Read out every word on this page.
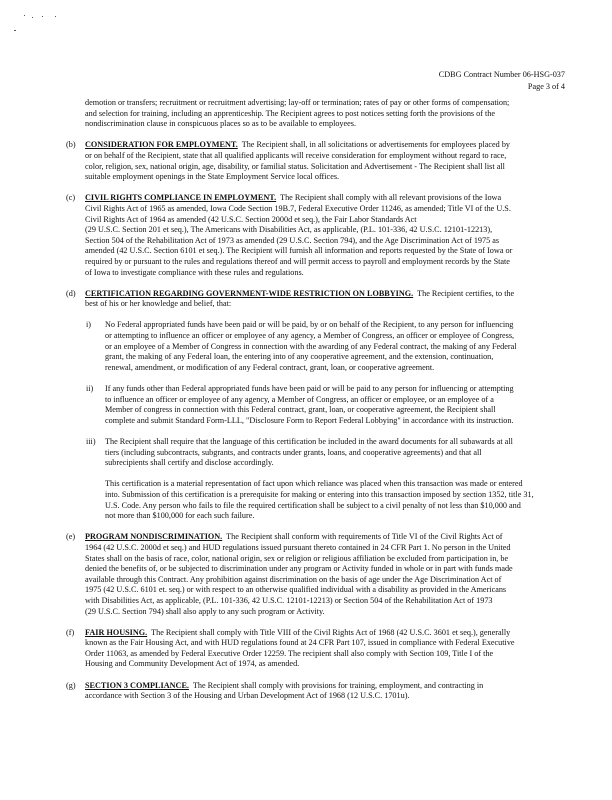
CDBG Contract Number 06-HSG-037
Page 3 of 4
demotion or transfers; recruitment or recruitment advertising; lay-off or termination; rates of pay or other forms of compensation;
and selection for training, including an apprenticeship. The Recipient agrees to post notices setting forth the provisions of the
nondiscrimination clause in conspicuous places so as to be available to employees.
(b) CONSIDERATION FOR EMPLOYMENT.  The Recipient shall, in all solicitations or advertisements for employees placed by
or on behalf of the Recipient, state that all qualified applicants will receive consideration for employment without regard to race,
color, religion, sex, national origin, age, disability, or familial status. Solicitation and Advertisement - The Recipient shall list all
suitable employment openings in the State Employment Service local offices.
(c) CIVIL RIGHTS COMPLIANCE IN EMPLOYMENT.  The Recipient shall comply with all relevant provisions of the Iowa
Civil Rights Act of 1965 as amended, Iowa Code Section 19B.7, Federal Executive Order 11246, as amended; Title VI of the U.S.
Civil Rights Act of 1964 as amended (42 U.S.C. Section 2000d et seq.), the Fair Labor Standards Act
(29 U.S.C. Section 201 et seq.), The Americans with Disabilities Act, as applicable, (P.L. 101-336, 42 U.S.C. 12101-12213),
Section 504 of the Rehabilitation Act of 1973 as amended (29 U.S.C. Section 794), and the Age Discrimination Act of 1975 as
amended (42 U.S.C. Section 6101 et seq.). The Recipient will furnish all information and reports requested by the State of Iowa or
required by or pursuant to the rules and regulations thereof and will permit access to payroll and employment records by the State
of Iowa to investigate compliance with these rules and regulations.
(d) CERTIFICATION REGARDING GOVERNMENT-WIDE RESTRICTION ON LOBBYING.  The Recipient certifies, to the
best of his or her knowledge and belief, that:
i) No Federal appropriated funds have been paid or will be paid, by or on behalf of the Recipient, to any person for influencing
or attempting to influence an officer or employee of any agency, a Member of Congress, an officer or employee of Congress,
or an employee of a Member of Congress in connection with the awarding of any Federal contract, the making of any Federal
grant, the making of any Federal loan, the entering into of any cooperative agreement, and the extension, continuation,
renewal, amendment, or modification of any Federal contract, grant, loan, or cooperative agreement.
ii) If any funds other than Federal appropriated funds have been paid or will be paid to any person for influencing or attempting
to influence an officer or employee of any agency, a Member of Congress, an officer or employee, or an employee of a
Member of congress in connection with this Federal contract, grant, loan, or cooperative agreement, the Recipient shall
complete and submit Standard Form-LLL, "Disclosure Form to Report Federal Lobbying" in accordance with its instruction.
iii) The Recipient shall require that the language of this certification be included in the award documents for all subawards at all
tiers (including subcontracts, subgrants, and contracts under grants, loans, and cooperative agreements) and that all
subrecipients shall certify and disclose accordingly.
This certification is a material representation of fact upon which reliance was placed when this transaction was made or entered
into. Submission of this certification is a prerequisite for making or entering into this transaction imposed by section 1352, title 31,
U.S. Code. Any person who fails to file the required certification shall be subject to a civil penalty of not less than $10,000 and
not more than $100,000 for each such failure.
(e) PROGRAM NONDISCRIMINATION.  The Recipient shall conform with requirements of Title VI of the Civil Rights Act of
1964 (42 U.S.C. 2000d et seq.) and HUD regulations issued pursuant thereto contained in 24 CFR Part 1. No person in the United
States shall on the basis of race, color, national origin, sex or religion or religious affiliation be excluded from participation in, be
denied the benefits of, or be subjected to discrimination under any program or Activity funded in whole or in part with funds made
available through this Contract. Any prohibition against discrimination on the basis of age under the Age Discrimination Act of
1975 (42 U.S.C. 6101 et. seq.) or with respect to an otherwise qualified individual with a disability as provided in the Americans
with Disabilities Act, as applicable, (P.L. 101-336, 42 U.S.C. 12101-12213) or Section 504 of the Rehabilitation Act of 1973
(29 U.S.C. Section 794) shall also apply to any such program or Activity.
(f) FAIR HOUSING.  The Recipient shall comply with Title VIII of the Civil Rights Act of 1968 (42 U.S.C. 3601 et seq.), generally
known as the Fair Housing Act, and with HUD regulations found at 24 CFR Part 107, issued in compliance with Federal Executive
Order 11063, as amended by Federal Executive Order 12259. The recipient shall also comply with Section 109, Title I of the
Housing and Community Development Act of 1974, as amended.
(g) SECTION 3 COMPLIANCE.  The Recipient shall comply with provisions for training, employment, and contracting in
accordance with Section 3 of the Housing and Urban Development Act of 1968 (12 U.S.C. 1701u).
